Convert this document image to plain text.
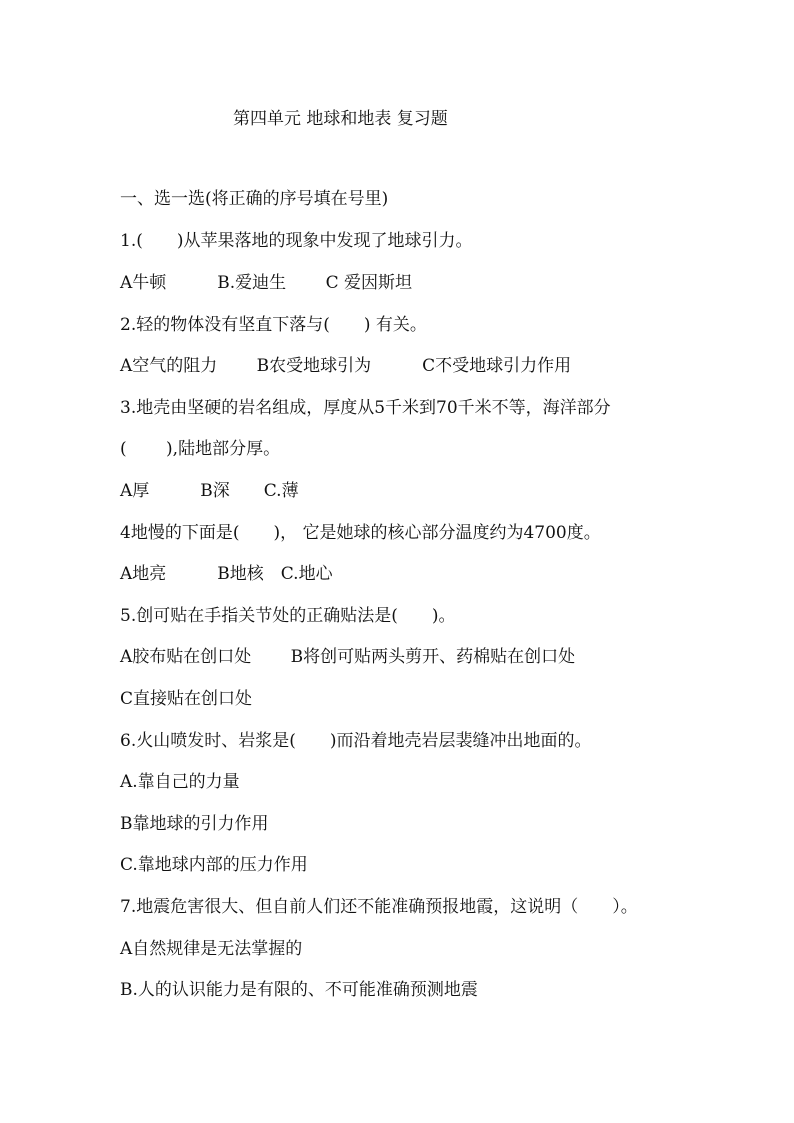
第四单元 地球和地表 复习题
一、选一选(将正确的序号填在号里)
1.(　　)从苹果落地的现象中发现了地球引力。
A牛顿　　　B.爱迪生　　 C 爱因斯坦
2.轻的物体没有坚直下落与(　　) 有关。
A空气的阻力　　 B农受地球引为　　　C不受地球引力作用
3.地壳由坚硬的岩名组成，厚度从5千米到70千米不等，海洋部分
(　　 ),陆地部分厚。
A厚　　　B深　　C.薄
4地慢的下面是(　　)， 它是她球的核心部分温度约为4700度。
A地亮　　　B地核　C.地心
5.创可贴在手指关节处的正确贴法是(　　)。
A胶布贴在创口处　　 B将创可贴两头剪开、药棉贴在创口处
C直接贴在创口处
6.火山喷发时、岩浆是(　　)而沿着地壳岩层裴缝冲出地面的。
A.靠自己的力量
B靠地球的引力作用
C.靠地球内部的压力作用
7.地震危害很大、但自前人们还不能准确预报地霞，这说明（　　）。
A自然规律是无法掌握的
B.人的认识能力是有限的、不可能准确预测地震
